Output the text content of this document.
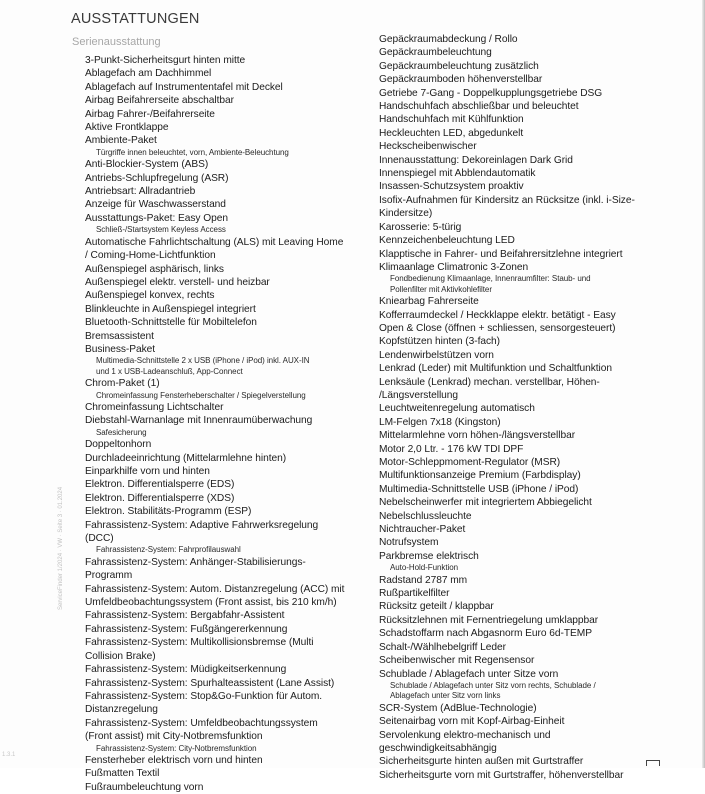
AUSSTATTUNGEN
Serienausstattung
3-Punkt-Sicherheitsgurt hinten mitte
Ablagefach am Dachhimmel
Ablagefach auf Instrumententafel mit Deckel
Airbag Beifahrerseite abschaltbar
Airbag Fahrer-/Beifahrerseite
Aktive Frontklappe
Ambiente-Paket
Türgriffe innen beleuchtet, vorn, Ambiente-Beleuchtung
Anti-Blockier-System (ABS)
Antriebs-Schlupfregelung (ASR)
Antriebsart: Allradantrieb
Anzeige für Waschwasserstand
Ausstattungs-Paket: Easy Open
Schließ-/Startsystem Keyless Access
Automatische Fahrlichtschaltung (ALS) mit Leaving Home
/ Coming-Home-Lichtfunktion
Außenspiegel asphärisch, links
Außenspiegel elektr. verstell- und heizbar
Außenspiegel konvex, rechts
Blinkleuchte in Außenspiegel integriert
Bluetooth-Schnittstelle für Mobiltelefon
Bremsassistent
Business-Paket
Multimedia-Schnittstelle 2 x USB (iPhone / iPod) inkl. AUX-IN
und 1 x USB-Ladeanschluß, App-Connect
Chrom-Paket (1)
Chromeinfassung Fensterheberschalter / Spiegelverstellung
Chromeinfassung Lichtschalter
Diebstahl-Warnanlage mit Innenraumüberwachung
Safesicherung
Doppeltonhorn
Durchladeeinrichtung (Mittelarmlehne hinten)
Einparkhilfe vorn und hinten
Elektron. Differentialsperre (EDS)
Elektron. Differentialsperre (XDS)
Elektron. Stabilitäts-Programm (ESP)
Fahrassistenz-System: Adaptive Fahrwerksregelung
(DCC)
Fahrassistenz-System: Fahrprofilauswahl
Fahrassistenz-System: Anhänger-Stabilisierungs-
Programm
Fahrassistenz-System: Autom. Distanzregelung (ACC) mit
Umfeldbeobachtungssystem (Front assist, bis 210 km/h)
Fahrassistenz-System: Bergabfahr-Assistent
Fahrassistenz-System: Fußgängererkennung
Fahrassistenz-System: Multikollisionsbremse (Multi
Collision Brake)
Fahrassistenz-System: Müdigkeitserkennung
Fahrassistenz-System: Spurhalteassistent (Lane Assist)
Fahrassistenz-System: Stop&Go-Funktion für Autom.
Distanzregelung
Fahrassistenz-System: Umfeldbeobachtungssystem
(Front assist) mit City-Notbremsfunktion
Fahrassistenz-System: City-Notbremsfunktion
Fensterheber elektrisch vorn und hinten
Fußmatten Textil
Fußraumbeleuchtung vorn
Gepäckraumabdeckung / Rollo
Gepäckraumbeleuchtung
Gepäckraumbeleuchtung zusätzlich
Gepäckraumboden höhenverstellbar
Getriebe 7-Gang - Doppelkupplungsgetriebe DSG
Handschuhfach abschließbar und beleuchtet
Handschuhfach mit Kühlfunktion
Heckleuchten LED, abgedunkelt
Heckscheibenwischer
Innenausstattung: Dekoreinlagen Dark Grid
Innenspiegel mit Abblendautomatik
Insassen-Schutzsystem proaktiv
Isofix-Aufnahmen für Kindersitz an Rücksitze (inkl. i-Size-
Kindersitze)
Karosserie: 5-türig
Kennzeichenbeleuchtung LED
Klapptische in Fahrer- und Beifahrersitzlehne integriert
Klimaanlage Climatronic 3-Zonen
Fondbedienung Klimaanlage, Innenraumfilter: Staub- und
Pollenfilter mit Aktivkohlefilter
Kniearbag Fahrerseite
Kofferraumdeckel / Heckklappe elektr. betätigt - Easy
Open & Close (öffnen + schliessen, sensorgesteuert)
Kopfstützen hinten (3-fach)
Lendenwirbelstützen vorn
Lenkrad (Leder) mit Multifunktion und Schaltfunktion
Lenksäule (Lenkrad) mechan. verstellbar, Höhen-
/Längsverstellung
Leuchtweitenregelung automatisch
LM-Felgen 7x18 (Kingston)
Mittelarmlehne vorn höhen-/längsverstellbar
Motor 2,0 Ltr. - 176 kW TDI DPF
Motor-Schleppmoment-Regulator (MSR)
Multifunktionsanzeige Premium (Farbdisplay)
Multimedia-Schnittstelle USB (iPhone / iPod)
Nebelscheinwerfer mit integriertem Abbiegelicht
Nebelschlussleuchte
Nichtraucher-Paket
Notrufsystem
Parkbremse elektrisch
Auto-Hold-Funktion
Radstand 2787 mm
Rußpartikelfilter
Rücksitz geteilt / klappbar
Rücksitzlehnen mit Fernentriegelung umklappbar
Schadstoffarm nach Abgasnorm Euro 6d-TEMP
Schalt-/Wählhebelgriff Leder
Scheibenwischer mit Regensensor
Schublade / Ablagefach unter Sitze vorn
Schublade / Ablagefach unter Sitz vorn rechts, Schublade /
Ablagefach unter Sitz vorn links
SCR-System (AdBlue-Technologie)
Seitenairbag vorn mit Kopf-Airbag-Einheit
Servolenkung elektro-mechanisch und
geschwindigkeitsabhängig
Sicherheitsgurte hinten außen mit Gurtstraffer
Sicherheitsgurte vorn mit Gurtstraffer, höhenverstellbar
ServiceFinder 1/2024 · VW · Seite 3 · 01.2024
1.3.1
